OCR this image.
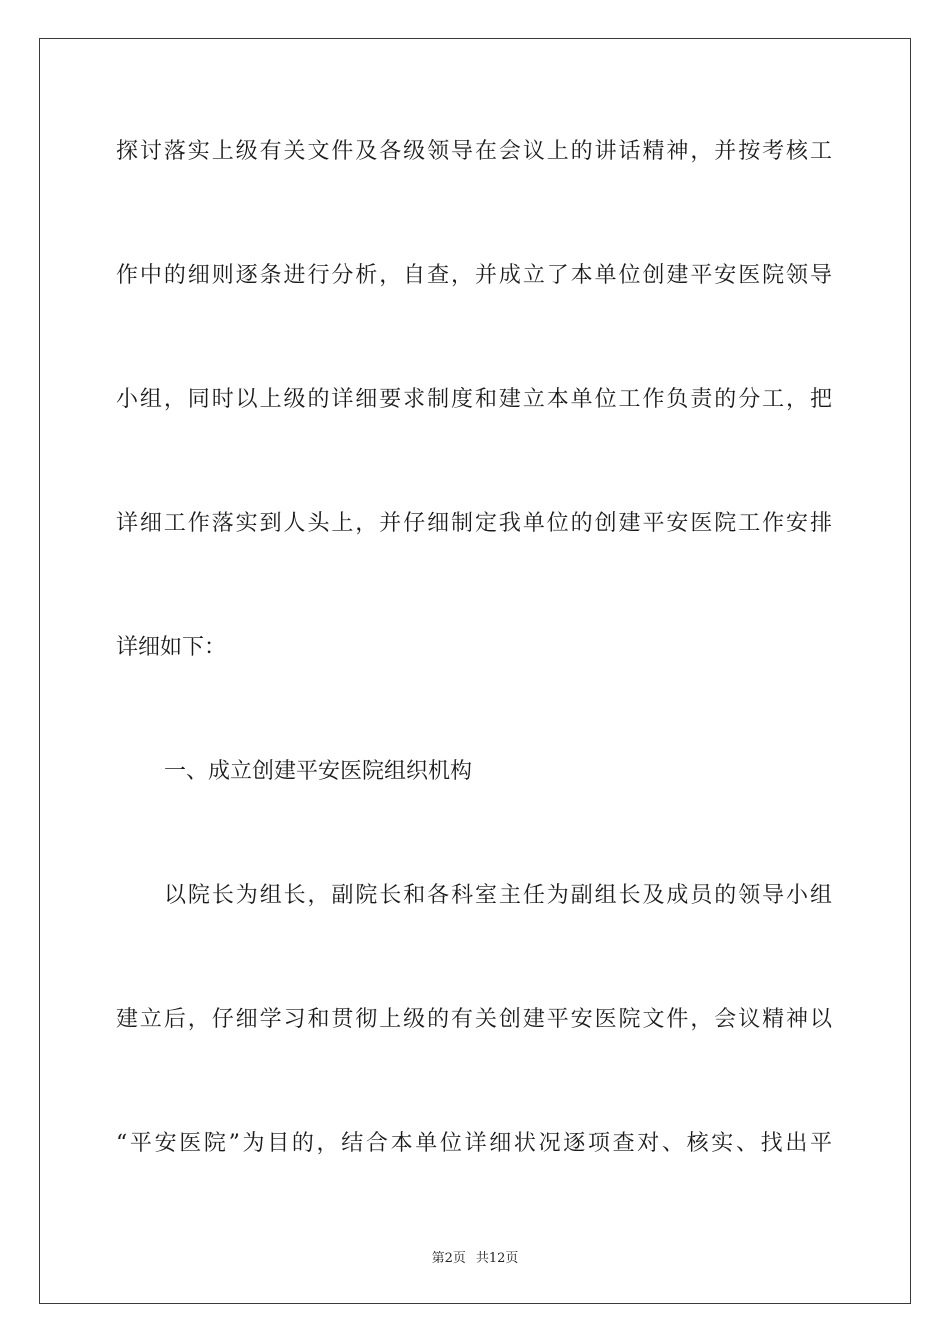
探讨落实上级有关文件及各级领导在会议上的讲话精神，并按考核工
作中的细则逐条进行分析，自查，并成立了本单位创建平安医院领导
小组，同时以上级的详细要求制度和建立本单位工作负责的分工，把
详细工作落实到人头上，并仔细制定我单位的创建平安医院工作安排
详细如下：
一、成立创建平安医院组织机构
以院长为组长，副院长和各科室主任为副组长及成员的领导小组
建立后，仔细学习和贯彻上级的有关创建平安医院文件，会议精神以
“平安医院”为目的，结合本单位详细状况逐项查对、核实、找出平
第2页 共12页
